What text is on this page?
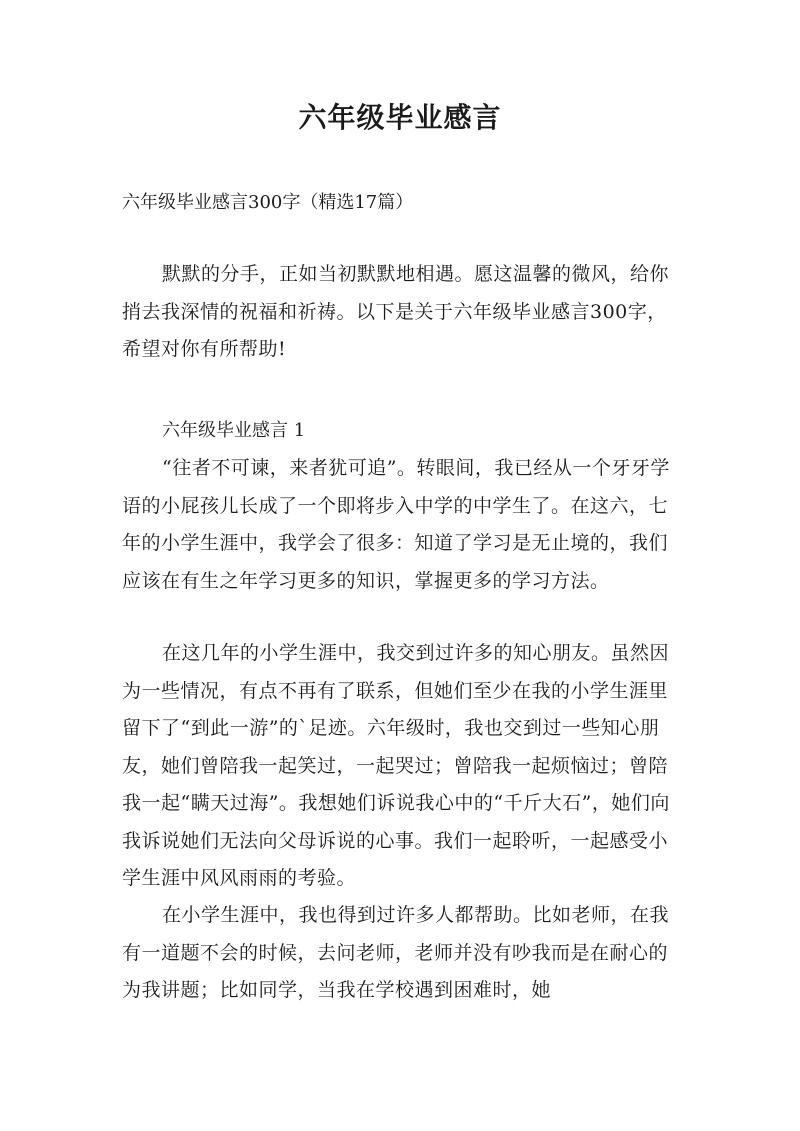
六年级毕业感言
六年级毕业感言300字（精选17篇）

默默的分手，正如当初默默地相遇。愿这温馨的微风，给你捎去我深情的祝福和祈祷。以下是关于六年级毕业感言300字，希望对你有所帮助!

六年级毕业感言 1

“往者不可谏，来者犹可追”。转眼间，我已经从一个牙牙学语的小屁孩儿长成了一个即将步入中学的中学生了。在这六，七年的小学生涯中，我学会了很多：知道了学习是无止境的，我们应该在有生之年学习更多的知识，掌握更多的学习方法。

在这几年的小学生涯中，我交到过许多的知心朋友。虽然因为一些情况，有点不再有了联系，但她们至少在我的小学生涯里留下了“到此一游”的`足迹。六年级时，我也交到过一些知心朋友，她们曾陪我一起笑过，一起哭过；曾陪我一起烦恼过；曾陪我一起“瞒天过海”。我想她们诉说我心中的“千斤大石”，她们向我诉说她们无法向父母诉说的心事。我们一起聆听，一起感受小学生涯中风风雨雨的考验。

在小学生涯中，我也得到过许多人都帮助。比如老师，在我有一道题不会的时候，去问老师，老师并没有吵我而是在耐心的为我讲题；比如同学，当我在学校遇到困难时，她
